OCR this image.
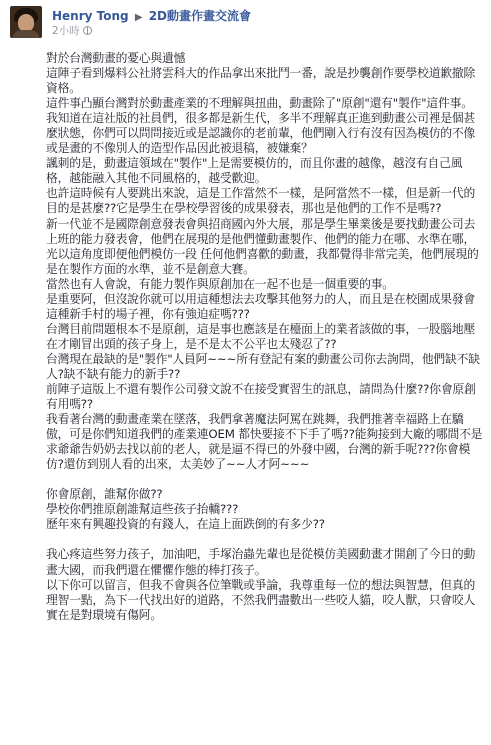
Henry Tong ▶ 2D動畫作畫交流會
2小時

對於台灣動畫的憂心與遺憾

這陣子看到爆料公社將雲科大的作品拿出來批鬥一番，說是抄襲創作要學校道歉撤除資格。

這件事凸顯台灣對於動畫產業的不理解與扭曲，動畫除了"原創"還有"製作"這件事。

我知道在這社版的社員們，很多都是新生代，多半不理解真正進到動畫公司裡是個甚麼狀態，你們可以問問接近或是認識你的老前輩，他們剛入行有沒有因為模仿的不像或是畫的不像別人的造型作品因此被退稿，被嫌棄？

諷刺的是，動畫這領域在"製作"上是需要模仿的，而且你畫的越像，越沒有自己風格，越能融入其他不同風格的，越受歡迎。

也許這時候有人要跳出來說，這是工作當然不一樣，是阿當然不一樣，但是新一代的目的是甚麼??它是學生在學校學習後的成果發表，那也是他們的工作不是嗎??

新一代並不是國際創意發表會與招商國內外大展，那是學生畢業後是要找動畫公司去上班的能力發表會，他們在展現的是他們懂動畫製作、他們的能力在哪、水準在哪，光以這角度即便他們模仿一段 任何他們喜歡的動畫，我都覺得非常完美，他們展現的是在製作方面的水準，並不是創意大賽。

當然也有人會說，有能力製作與原創加在一起不也是一個重要的事。

是重要阿，但沒說你就可以用這種想法去攻擊其他努力的人，而且是在校園成果發會這種新手村的場子裡，你有強迫症嗎???

台灣目前問題根本不是原創，這是事也應該是在檯面上的業者該做的事，一股腦地壓在才剛冒出頭的孩子身上，是不是太不公平也太殘忍了??

台灣現在最缺的是"製作"人員阿~~~所有登記有案的動畫公司你去詢問，他們缺不缺人?缺不缺有能力的新手??

前陣子這版上不還有製作公司發文說不在接受實習生的訊息，請問為什麼??你會原創有用嗎??

我看著台灣的動畫產業在墜落，我們拿著魔法阿罵在跳舞，我們推著幸福路上在驕傲，可是你們知道我們的產業連OEM 都快要接不下手了嗎??能夠接到大廠的哪間不是求爺爺告奶奶去找以前的老人，就是逼不得已的外發中國，台灣的新手呢???你會模仿?還仿到別人看的出來，太美妙了~~人才阿~~~

你會原創，誰幫你做??

學校你們推原創誰幫這些孩子抬轎???

歷年來有興趣投資的有錢人，在這上面跌倒的有多少??

我心疼這些努力孩子，加油吧，手塚治蟲先輩也是從模仿美國動畫才開創了今日的動畫大國，而我們還在懼懼作態的棒打孩子。

以下你可以留言，但我不會與各位筆戰或爭論，我尊重每一位的想法與智慧，但真的理智一點，為下一代找出好的道路，不然我們盡數出一些咬人貓，咬人獸，只會咬人實在是對環境有傷阿。
